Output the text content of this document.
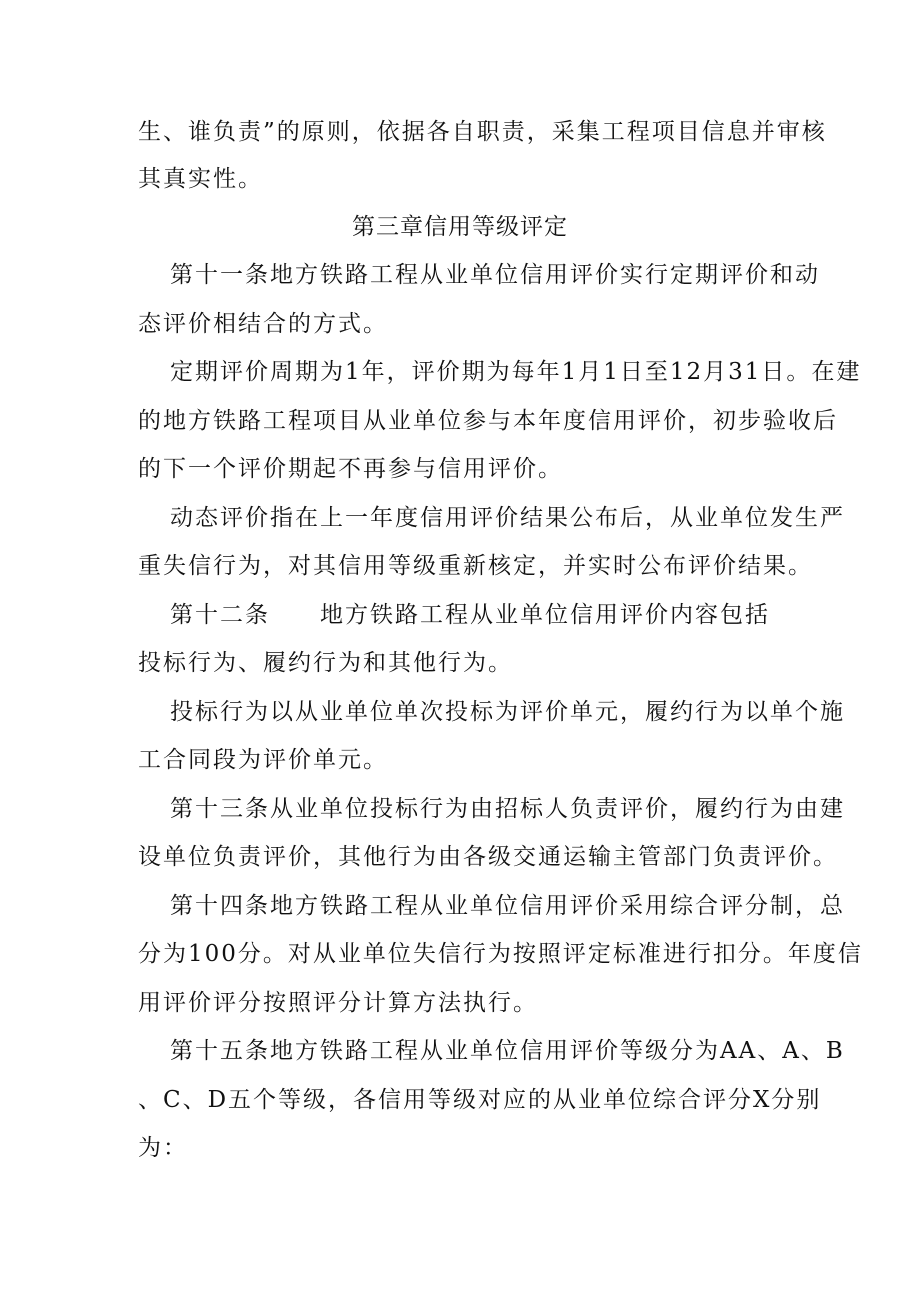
生、谁负责”的原则，依据各自职责，采集工程项目信息并审核
其真实性。
第三章信用等级评定
第十一条地方铁路工程从业单位信用评价实行定期评价和动
态评价相结合的方式。
定期评价周期为1年，评价期为每年1月1日至12月31日。在建
的地方铁路工程项目从业单位参与本年度信用评价，初步验收后
的下一个评价期起不再参与信用评价。
动态评价指在上一年度信用评价结果公布后，从业单位发生严
重失信行为，对其信用等级重新核定，并实时公布评价结果。
第十二条　　地方铁路工程从业单位信用评价内容包括
投标行为、履约行为和其他行为。
投标行为以从业单位单次投标为评价单元，履约行为以单个施
工合同段为评价单元。
第十三条从业单位投标行为由招标人负责评价，履约行为由建
设单位负责评价，其他行为由各级交通运输主管部门负责评价。
第十四条地方铁路工程从业单位信用评价采用综合评分制，总
分为100分。对从业单位失信行为按照评定标准进行扣分。年度信
用评价评分按照评分计算方法执行。
第十五条地方铁路工程从业单位信用评价等级分为AA、A、B
、C、D五个等级，各信用等级对应的从业单位综合评分X分别
为：
